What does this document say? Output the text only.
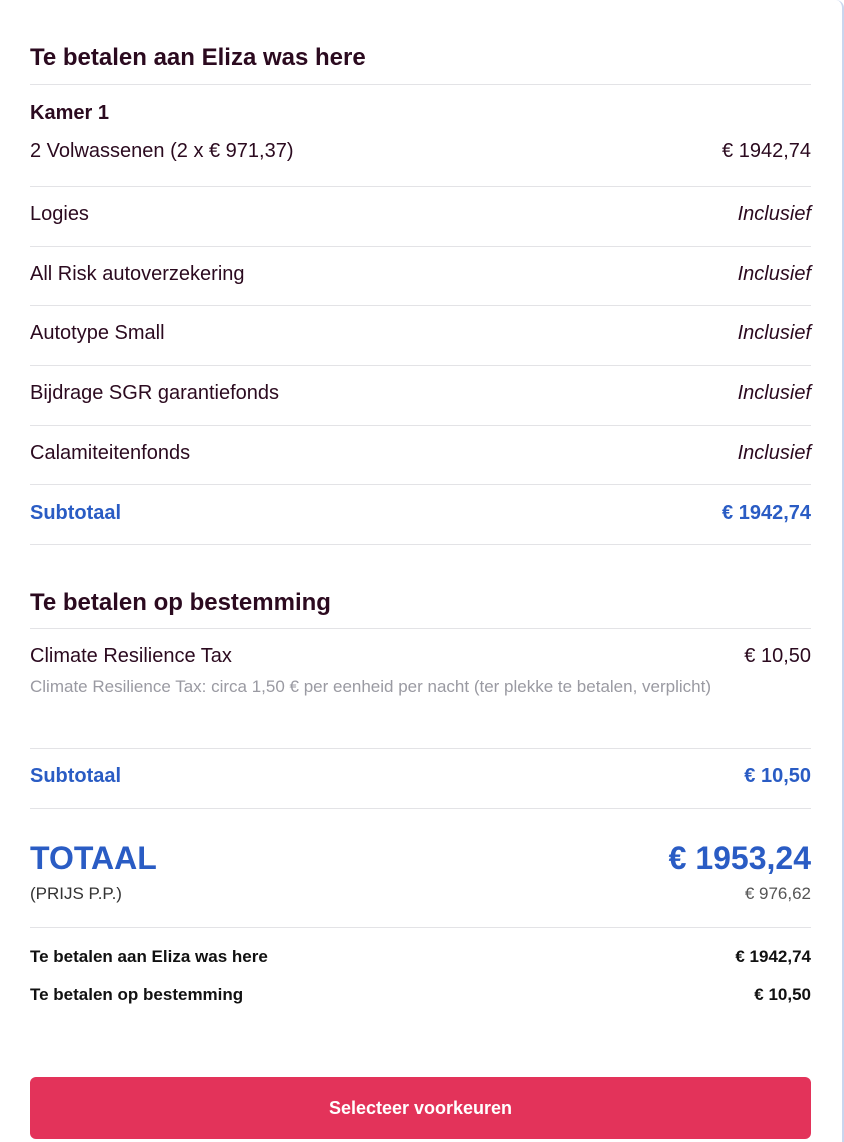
Te betalen aan Eliza was here
Kamer 1
2 Volwassenen (2 x € 971,37)	€ 1942,74
Logies	Inclusief
All Risk autoverzekering	Inclusief
Autotype Small	Inclusief
Bijdrage SGR garantiefonds	Inclusief
Calamiteitenfonds	Inclusief
Subtotaal	€ 1942,74
Te betalen op bestemming
Climate Resilience Tax	€ 10,50
Climate Resilience Tax: circa 1,50 € per eenheid per nacht (ter plekke te betalen, verplicht)
Subtotaal	€ 10,50
TOTAAL	€ 1953,24
(PRIJS P.P.)	€ 976,62
Te betalen aan Eliza was here	€ 1942,74
Te betalen op bestemming	€ 10,50
Selecteer voorkeuren
